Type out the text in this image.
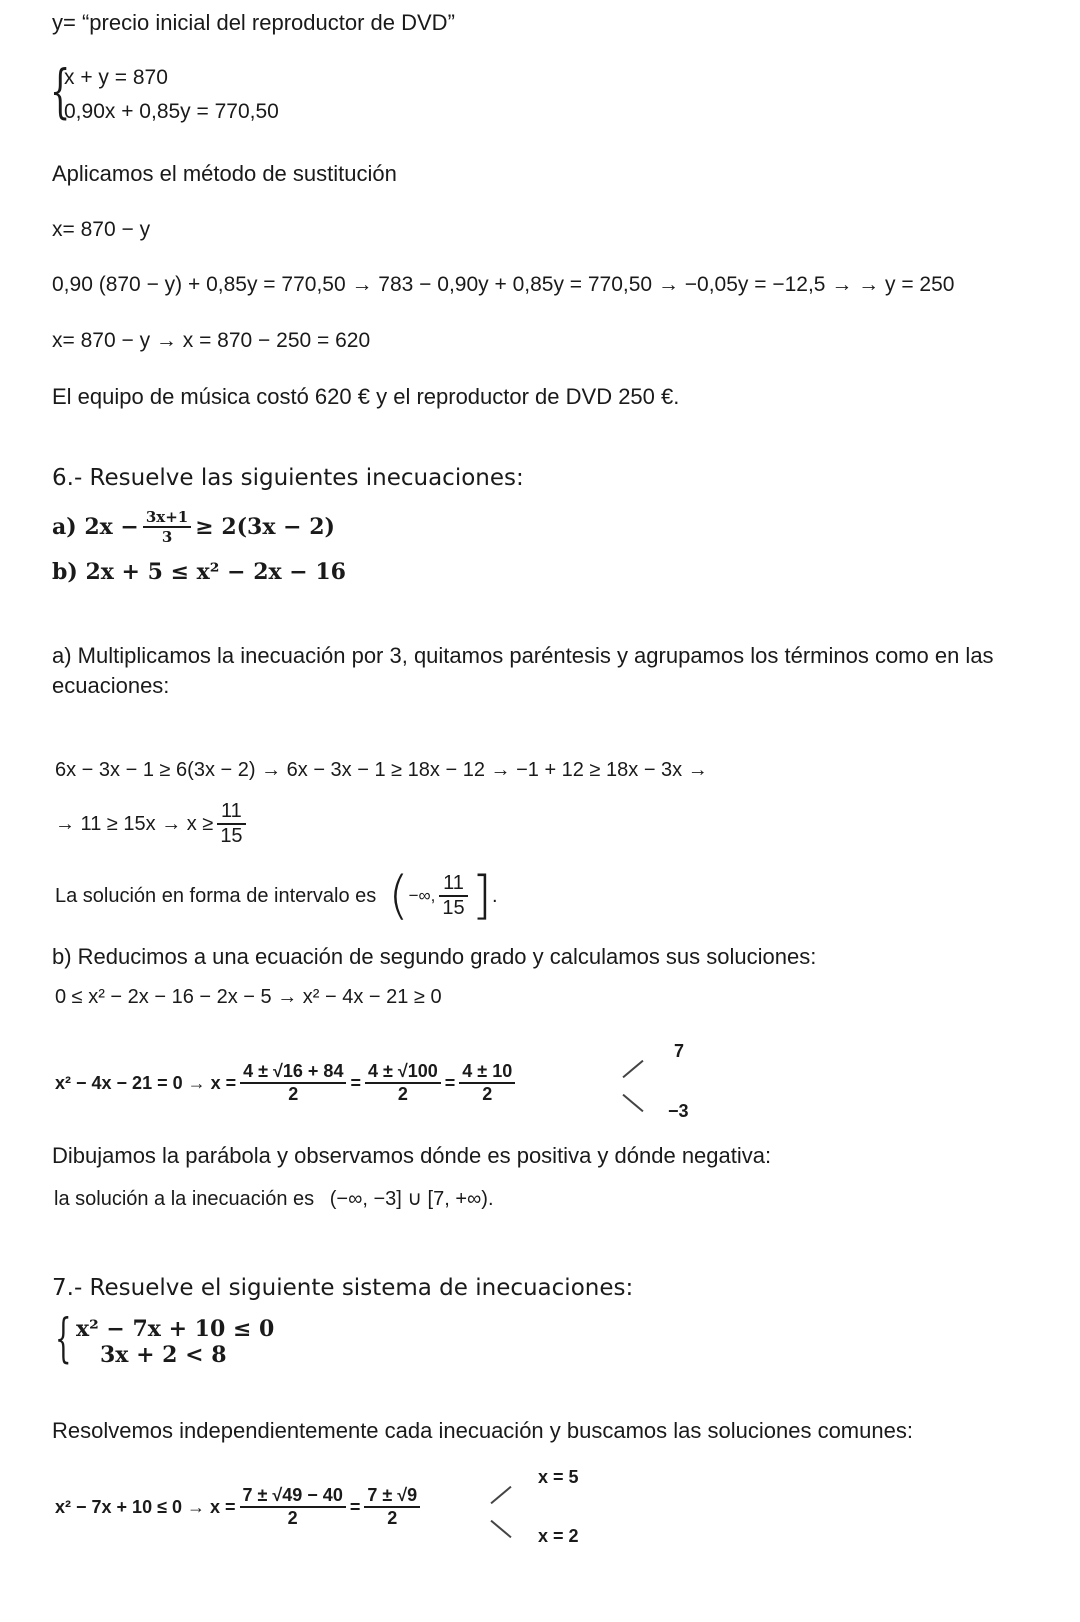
y= “precio inicial del reproductor de DVD”
{
x + y = 870
0,90x + 0,85y = 770,50
Aplicamos el método de sustitución
x= 870 − y
0,90 (870 − y) + 0,85y = 770,50 → 783 − 0,90y + 0,85y = 770,50 → −0,05y = −12,5 → → y = 250
x= 870 − y → x = 870 − 250 = 620
El equipo de música costó 620 € y el reproductor de DVD 250 €.
6.- Resuelve las siguientes inecuaciones:
a) $2x - \frac{3x+1}{3} \ge 2(3x - 2)$
b) 2x + 5 ≤ x² − 2x − 16
a) Multiplicamos la inecuación por 3, quitamos paréntesis y agrupamos los términos como en las ecuaciones:
6x − 3x − 1 ≥ 6(3x − 2) → 6x − 3x − 1 ≥ 18x − 12 → −1 + 12 ≥ 18x − 3x →
→ $11 \ge 15x \to x \ge \frac{11}{15}$
La solución en forma de intervalo es ( −∞, $\frac{11}{15}$ ] .
b) Reducimos a una ecuación de segundo grado y calculamos sus soluciones:
0 ≤ x² − 2x − 16 − 2x − 5 → x² − 4x − 21 ≥ 0
$x^2 - 4x - 21 = 0 \to x = \frac{4 \pm √16 + 84}{2} = \frac{4 \pm √100}{2} = \frac{4 \pm 10}{2}$
7
−3
Dibujamos la parábola y observamos dónde es positiva y dónde negativa:
la solución a la inecuación es (−∞, −3] ∪ [7, +∞).
7.- Resuelve el siguiente sistema de inecuaciones:
{ x² − 7x + 10 ≤ 0
3x + 2 < 8
Resolvemos independientemente cada inecuación y buscamos las soluciones comunes:
$x^2 - 7x + 10 \le 0 \to x = \frac{7 \pm √49 - 40}{2} = \frac{7 \pm √9}{2}$
x = 5
x = 2
